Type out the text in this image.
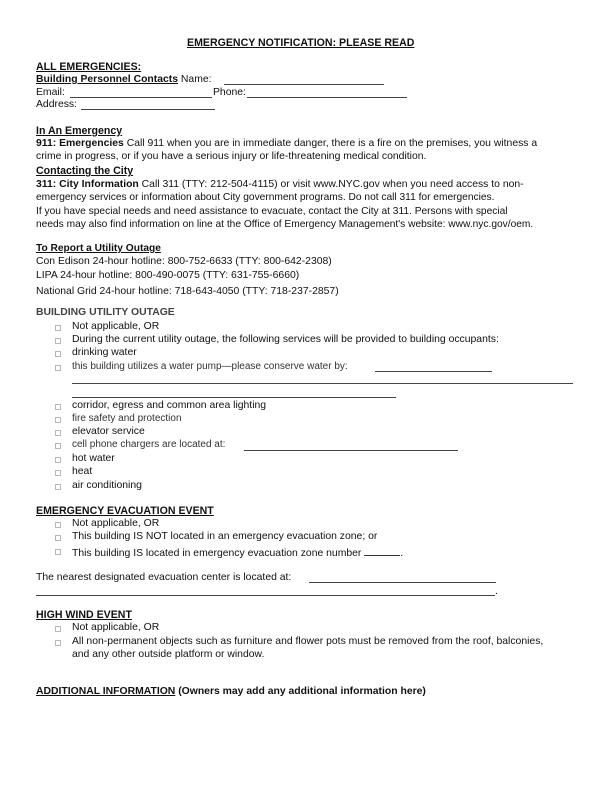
EMERGENCY NOTIFICATION: PLEASE READ
ALL EMERGENCIES:
Building Personnel Contacts Name:
Email:	Phone:
Address:
In An Emergency
911: Emergencies Call 911 when you are in immediate danger, there is a fire on the premises, you witness a
crime in progress, or if you have a serious injury or life-threatening medical condition.
Contacting the City
311: City Information Call 311 (TTY: 212-504-4115) or visit www.NYC.gov when you need access to non-
emergency services or information about City government programs. Do not call 311 for emergencies.
If you have special needs and need assistance to evacuate, contact the City at 311. Persons with special
needs may also find information on line at the Office of Emergency Management's website: www.nyc.gov/oem.
To Report a Utility Outage
Con Edison 24-hour hotline: 800-752-6633 (TTY: 800-642-2308)
LIPA 24-hour hotline: 800-490-0075 (TTY: 631-755-6660)
National Grid 24-hour hotline: 718-643-4050 (TTY: 718-237-2857)
BUILDING UTILITY OUTAGE
Not applicable, OR
During the current utility outage, the following services will be provided to building occupants:
drinking water
this building utilizes a water pump—please conserve water by:
corridor, egress and common area lighting
fire safety and protection
elevator service
cell phone chargers are located at:
hot water
heat
air conditioning
EMERGENCY EVACUATION EVENT
Not applicable, OR
This building IS NOT located in an emergency evacuation zone; or
This building IS located in emergency evacuation zone number	.
The nearest designated evacuation center is located at:
.
HIGH WIND EVENT
Not applicable, OR
All non-permanent objects such as furniture and flower pots must be removed from the roof, balconies,
and any other outside platform or window.
ADDITIONAL INFORMATION (Owners may add any additional information here)
